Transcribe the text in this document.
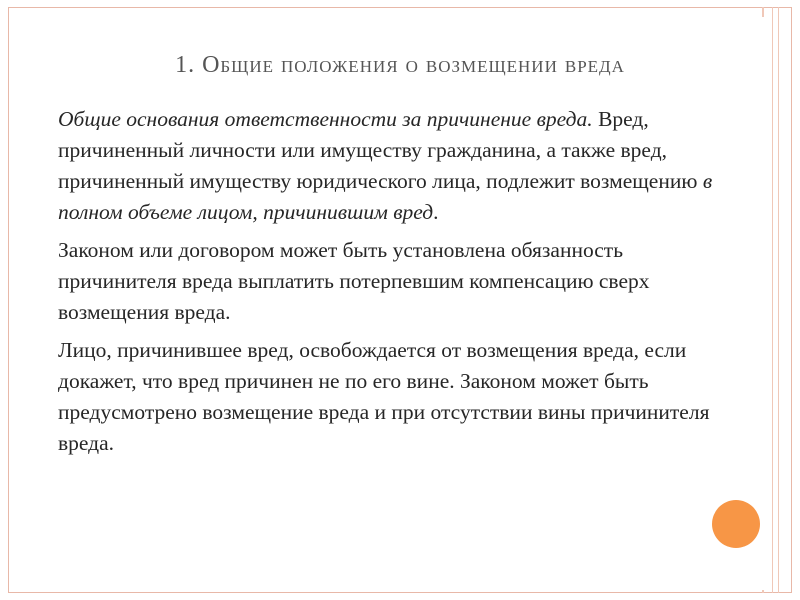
1. Общие положения о возмещении вреда
Общие основания ответственности за причинение вреда. Вред, причиненный личности или имуществу гражданина, а также вред, причиненный имуществу юридического лица, подлежит возмещению в полном объеме лицом, причинившим вред.
Законом или договором может быть установлена обязанность причинителя вреда выплатить потерпевшим компенсацию сверх возмещения вреда.
Лицо, причинившее вред, освобождается от возмещения вреда, если докажет, что вред причинен не по его вине. Законом может быть предусмотрено возмещение вреда и при отсутствии вины причинителя вреда.
